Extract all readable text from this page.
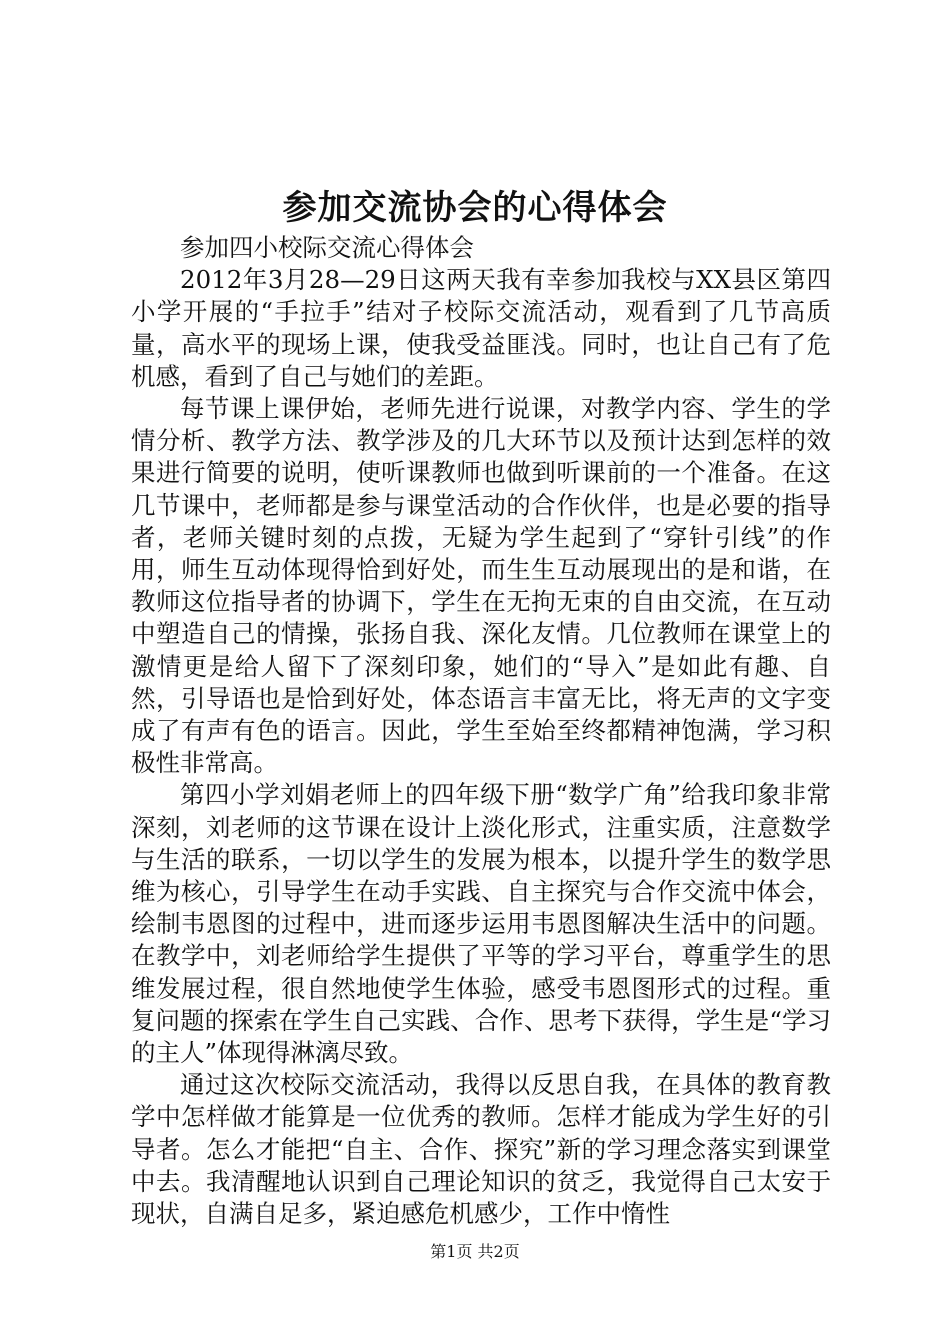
参加交流协会的心得体会

参加四小校际交流心得体会

2012年3月28—29日这两天我有幸参加我校与XX县区第四小学开展的“手拉手”结对子校际交流活动，观看到了几节高质量，高水平的现场上课，使我受益匪浅。同时，也让自己有了危机感，看到了自己与她们的差距。

每节课上课伊始，老师先进行说课，对教学内容、学生的学情分析、教学方法、教学涉及的几大环节以及预计达到怎样的效果进行简要的说明，使听课教师也做到听课前的一个准备。在这几节课中，老师都是参与课堂活动的合作伙伴，也是必要的指导者，老师关键时刻的点拨，无疑为学生起到了“穿针引线”的作用，师生互动体现得恰到好处，而生生互动展现出的是和谐，在教师这位指导者的协调下，学生在无拘无束的自由交流，在互动中塑造自己的情操，张扬自我、深化友情。几位教师在课堂上的激情更是给人留下了深刻印象，她们的“导入”是如此有趣、自然，引导语也是恰到好处，体态语言丰富无比，将无声的文字变成了有声有色的语言。因此，学生至始至终都精神饱满，学习积极性非常高。

第四小学刘娟老师上的四年级下册“数学广角”给我印象非常深刻，刘老师的这节课在设计上淡化形式，注重实质，注意数学与生活的联系，一切以学生的发展为根本，以提升学生的数学思维为核心，引导学生在动手实践、自主探究与合作交流中体会，绘制韦恩图的过程中，进而逐步运用韦恩图解决生活中的问题。在教学中，刘老师给学生提供了平等的学习平台，尊重学生的思维发展过程，很自然地使学生体验，感受韦恩图形式的过程。重复问题的探索在学生自己实践、合作、思考下获得，学生是“学习的主人”体现得淋漓尽致。

通过这次校际交流活动，我得以反思自我，在具体的教育教学中怎样做才能算是一位优秀的教师。怎样才能成为学生好的引导者。怎么才能把“自主、合作、探究”新的学习理念落实到课堂中去。我清醒地认识到自己理论知识的贫乏，我觉得自己太安于现状，自满自足多，紧迫感危机感少，工作中惰性

第1页 共2页
